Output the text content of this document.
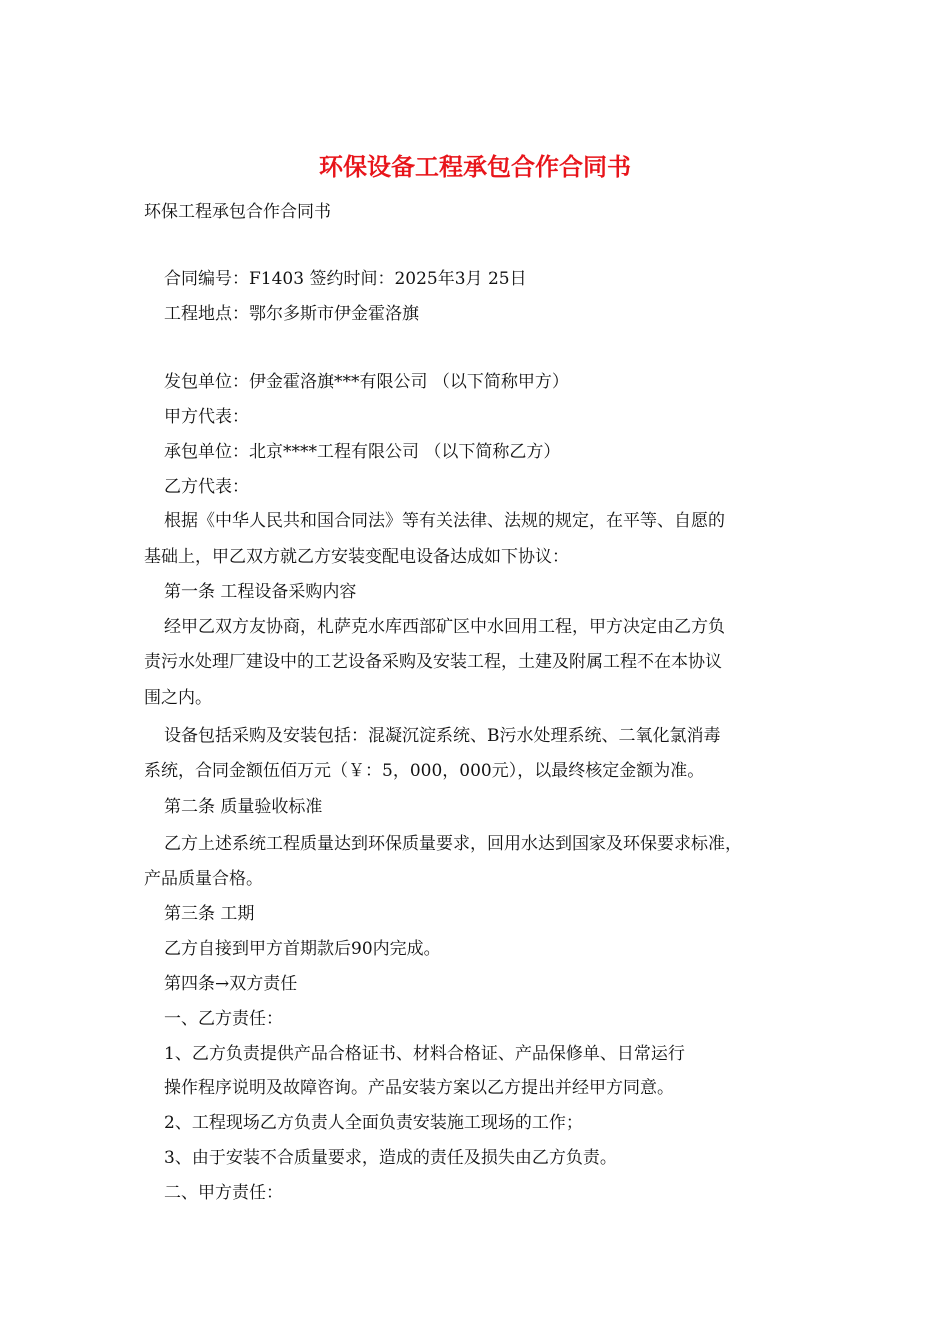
环保设备工程承包合作合同书
环保工程承包合作合同书
合同编号：F1403 签约时间：2025年3月 25日
工程地点：鄂尔多斯市伊金霍洛旗
发包单位：伊金霍洛旗***有限公司 （以下简称甲方）
甲方代表：
承包单位：北京****工程有限公司 （以下简称乙方）
乙方代表：
根据《中华人民共和国合同法》等有关法律、法规的规定，在平等、自愿的
基础上，甲乙双方就乙方安装变配电设备达成如下协议：
第一条 工程设备采购内容
经甲乙双方友协商，札萨克水库西部矿区中水回用工程，甲方决定由乙方负
责污水处理厂建设中的工艺设备采购及安装工程，土建及附属工程不在本协议
围之内。
设备包括采购及安装包括：混凝沉淀系统、B污水处理系统、二氧化氯消毒
系统，合同金额伍佰万元（￥：5，000，000元），以最终核定金额为准。
第二条 质量验收标准
乙方上述系统工程质量达到环保质量要求，回用水达到国家及环保要求标准，
产品质量合格。
第三条 工期
乙方自接到甲方首期款后90内完成。
第四条→双方责任
一、乙方责任：
1、乙方负责提供产品合格证书、材料合格证、产品保修单、日常运行
操作程序说明及故障咨询。产品安装方案以乙方提出并经甲方同意。
2、工程现场乙方负责人全面负责安装施工现场的工作；
3、由于安装不合质量要求，造成的责任及损失由乙方负责。
二、甲方责任：
